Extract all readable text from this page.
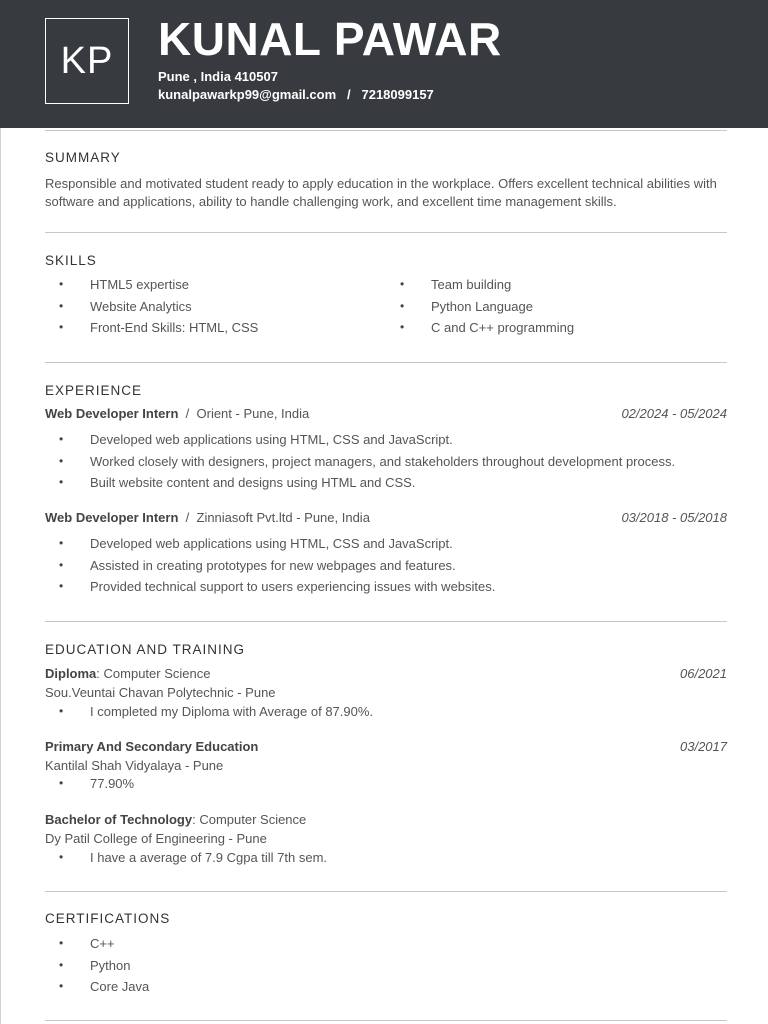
KP KUNAL PAWAR
Pune , India 410507
kunalpawarkp99@gmail.com / 7218099157
SUMMARY
Responsible and motivated student ready to apply education in the workplace. Offers excellent technical abilities with software and applications, ability to handle challenging work, and excellent time management skills.
SKILLS
• HTML5 expertise
• Website Analytics
• Front-End Skills: HTML, CSS
• Team building
• Python Language
• C and C++ programming
EXPERIENCE
Web Developer Intern / Orient - Pune, India	02/2024 - 05/2024
• Developed web applications using HTML, CSS and JavaScript.
• Worked closely with designers, project managers, and stakeholders throughout development process.
• Built website content and designs using HTML and CSS.
Web Developer Intern / Zinniasoft Pvt.ltd - Pune, India	03/2018 - 05/2018
• Developed web applications using HTML, CSS and JavaScript.
• Assisted in creating prototypes for new webpages and features.
• Provided technical support to users experiencing issues with websites.
EDUCATION AND TRAINING
Diploma: Computer Science
Sou.Veuntai Chavan Polytechnic - Pune
06/2021
• I completed my Diploma with Average of 87.90%.
Primary And Secondary Education
Kantilal Shah Vidyalaya - Pune
03/2017
• 77.90%
Bachelor of Technology: Computer Science
Dy Patil College of Engineering - Pune
• I have a average of 7.9 Cgpa till 7th sem.
CERTIFICATIONS
• C++
• Python
• Core Java
